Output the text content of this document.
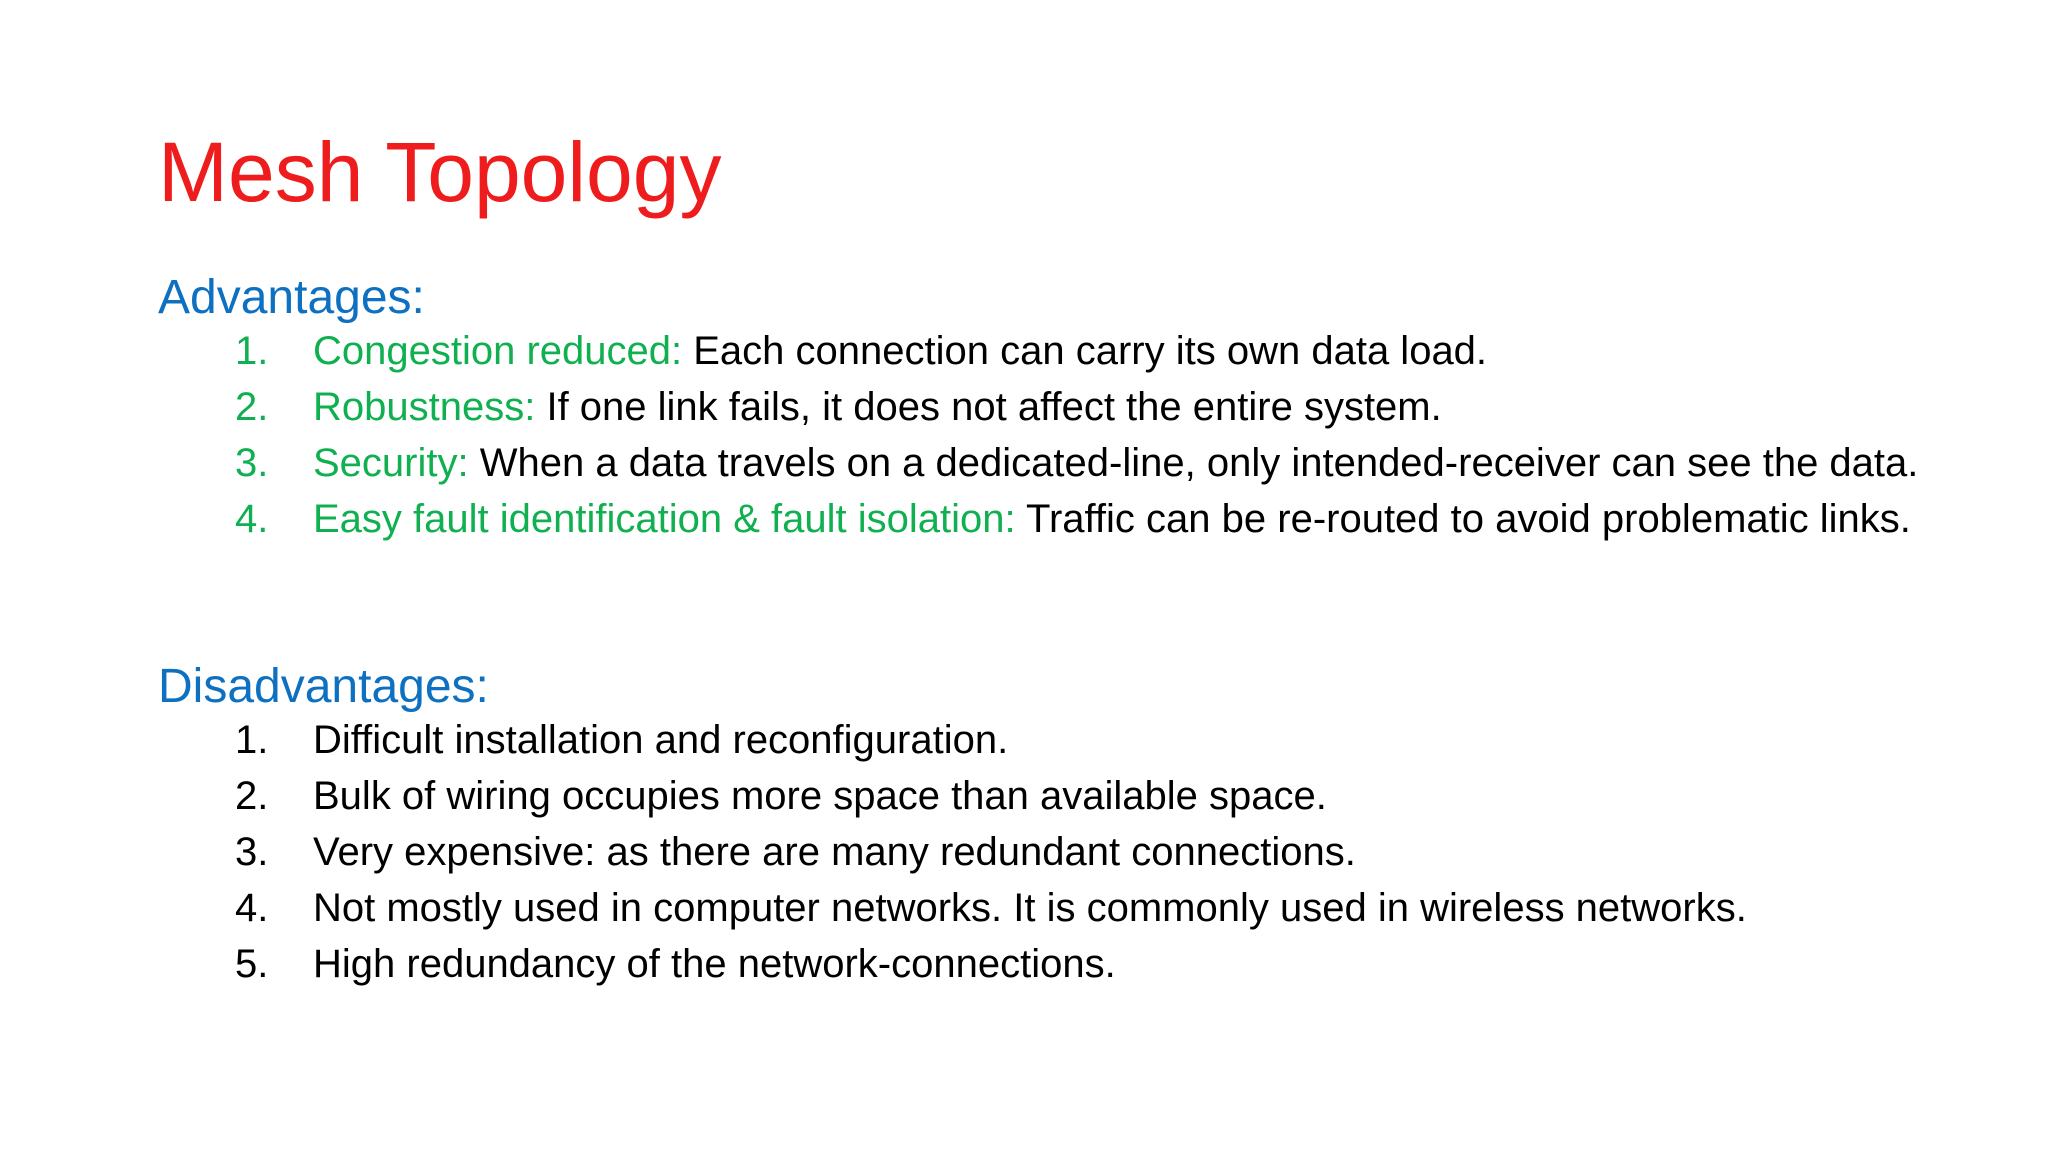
Mesh Topology
Advantages:
1. Congestion reduced: Each connection can carry its own data load.
2. Robustness: If one link fails, it does not affect the entire system.
3. Security: When a data travels on a dedicated-line, only intended-receiver can see the data.
4. Easy fault identification & fault isolation: Traffic can be re-routed to avoid problematic links.
Disadvantages:
1. Difficult installation and reconfiguration.
2. Bulk of wiring occupies more space than available space.
3. Very expensive: as there are many redundant connections.
4. Not mostly used in computer networks. It is commonly used in wireless networks.
5. High redundancy of the network-connections.
